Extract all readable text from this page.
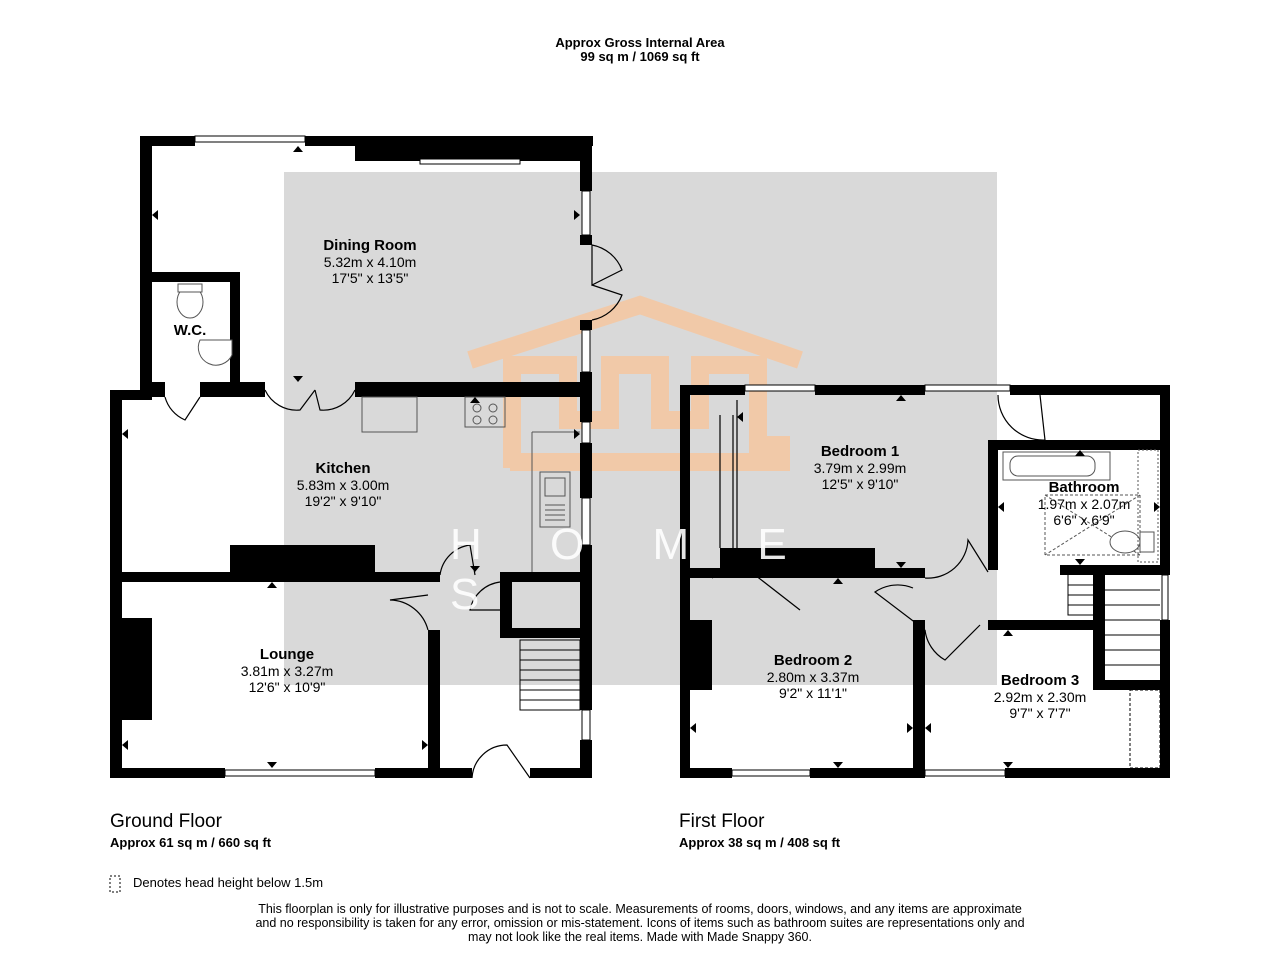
Approx Gross Internal Area
99 sq m / 1069 sq ft
H O M E S
Dining Room
5.32m x 4.10m
17'5" x 13'5"
W.C.
Kitchen
5.83m x 3.00m
19'2" x 9'10"
Lounge
3.81m x 3.27m
12'6" x 10'9"
Bedroom 1
3.79m x 2.99m
12'5" x 9'10"	Bathroom
1.97m x 2.07m
6'6" x 6'9"
Bedroom 2
2.80m x 3.37m
9'2" x 11'1"
Bedroom 3
2.92m x 2.30m
9'7" x 7'7"
Ground Floor
Approx 61 sq m / 660 sq ft
First Floor
Approx 38 sq m / 408 sq ft
Denotes head height below 1.5m
This floorplan is only for illustrative purposes and is not to scale. Measurements of rooms, doors, windows, and any items are approximate
and no responsibility is taken for any error, omission or mis-statement. Icons of items such as bathroom suites are representations only and
may not look like the real items. Made with Made Snappy 360.
